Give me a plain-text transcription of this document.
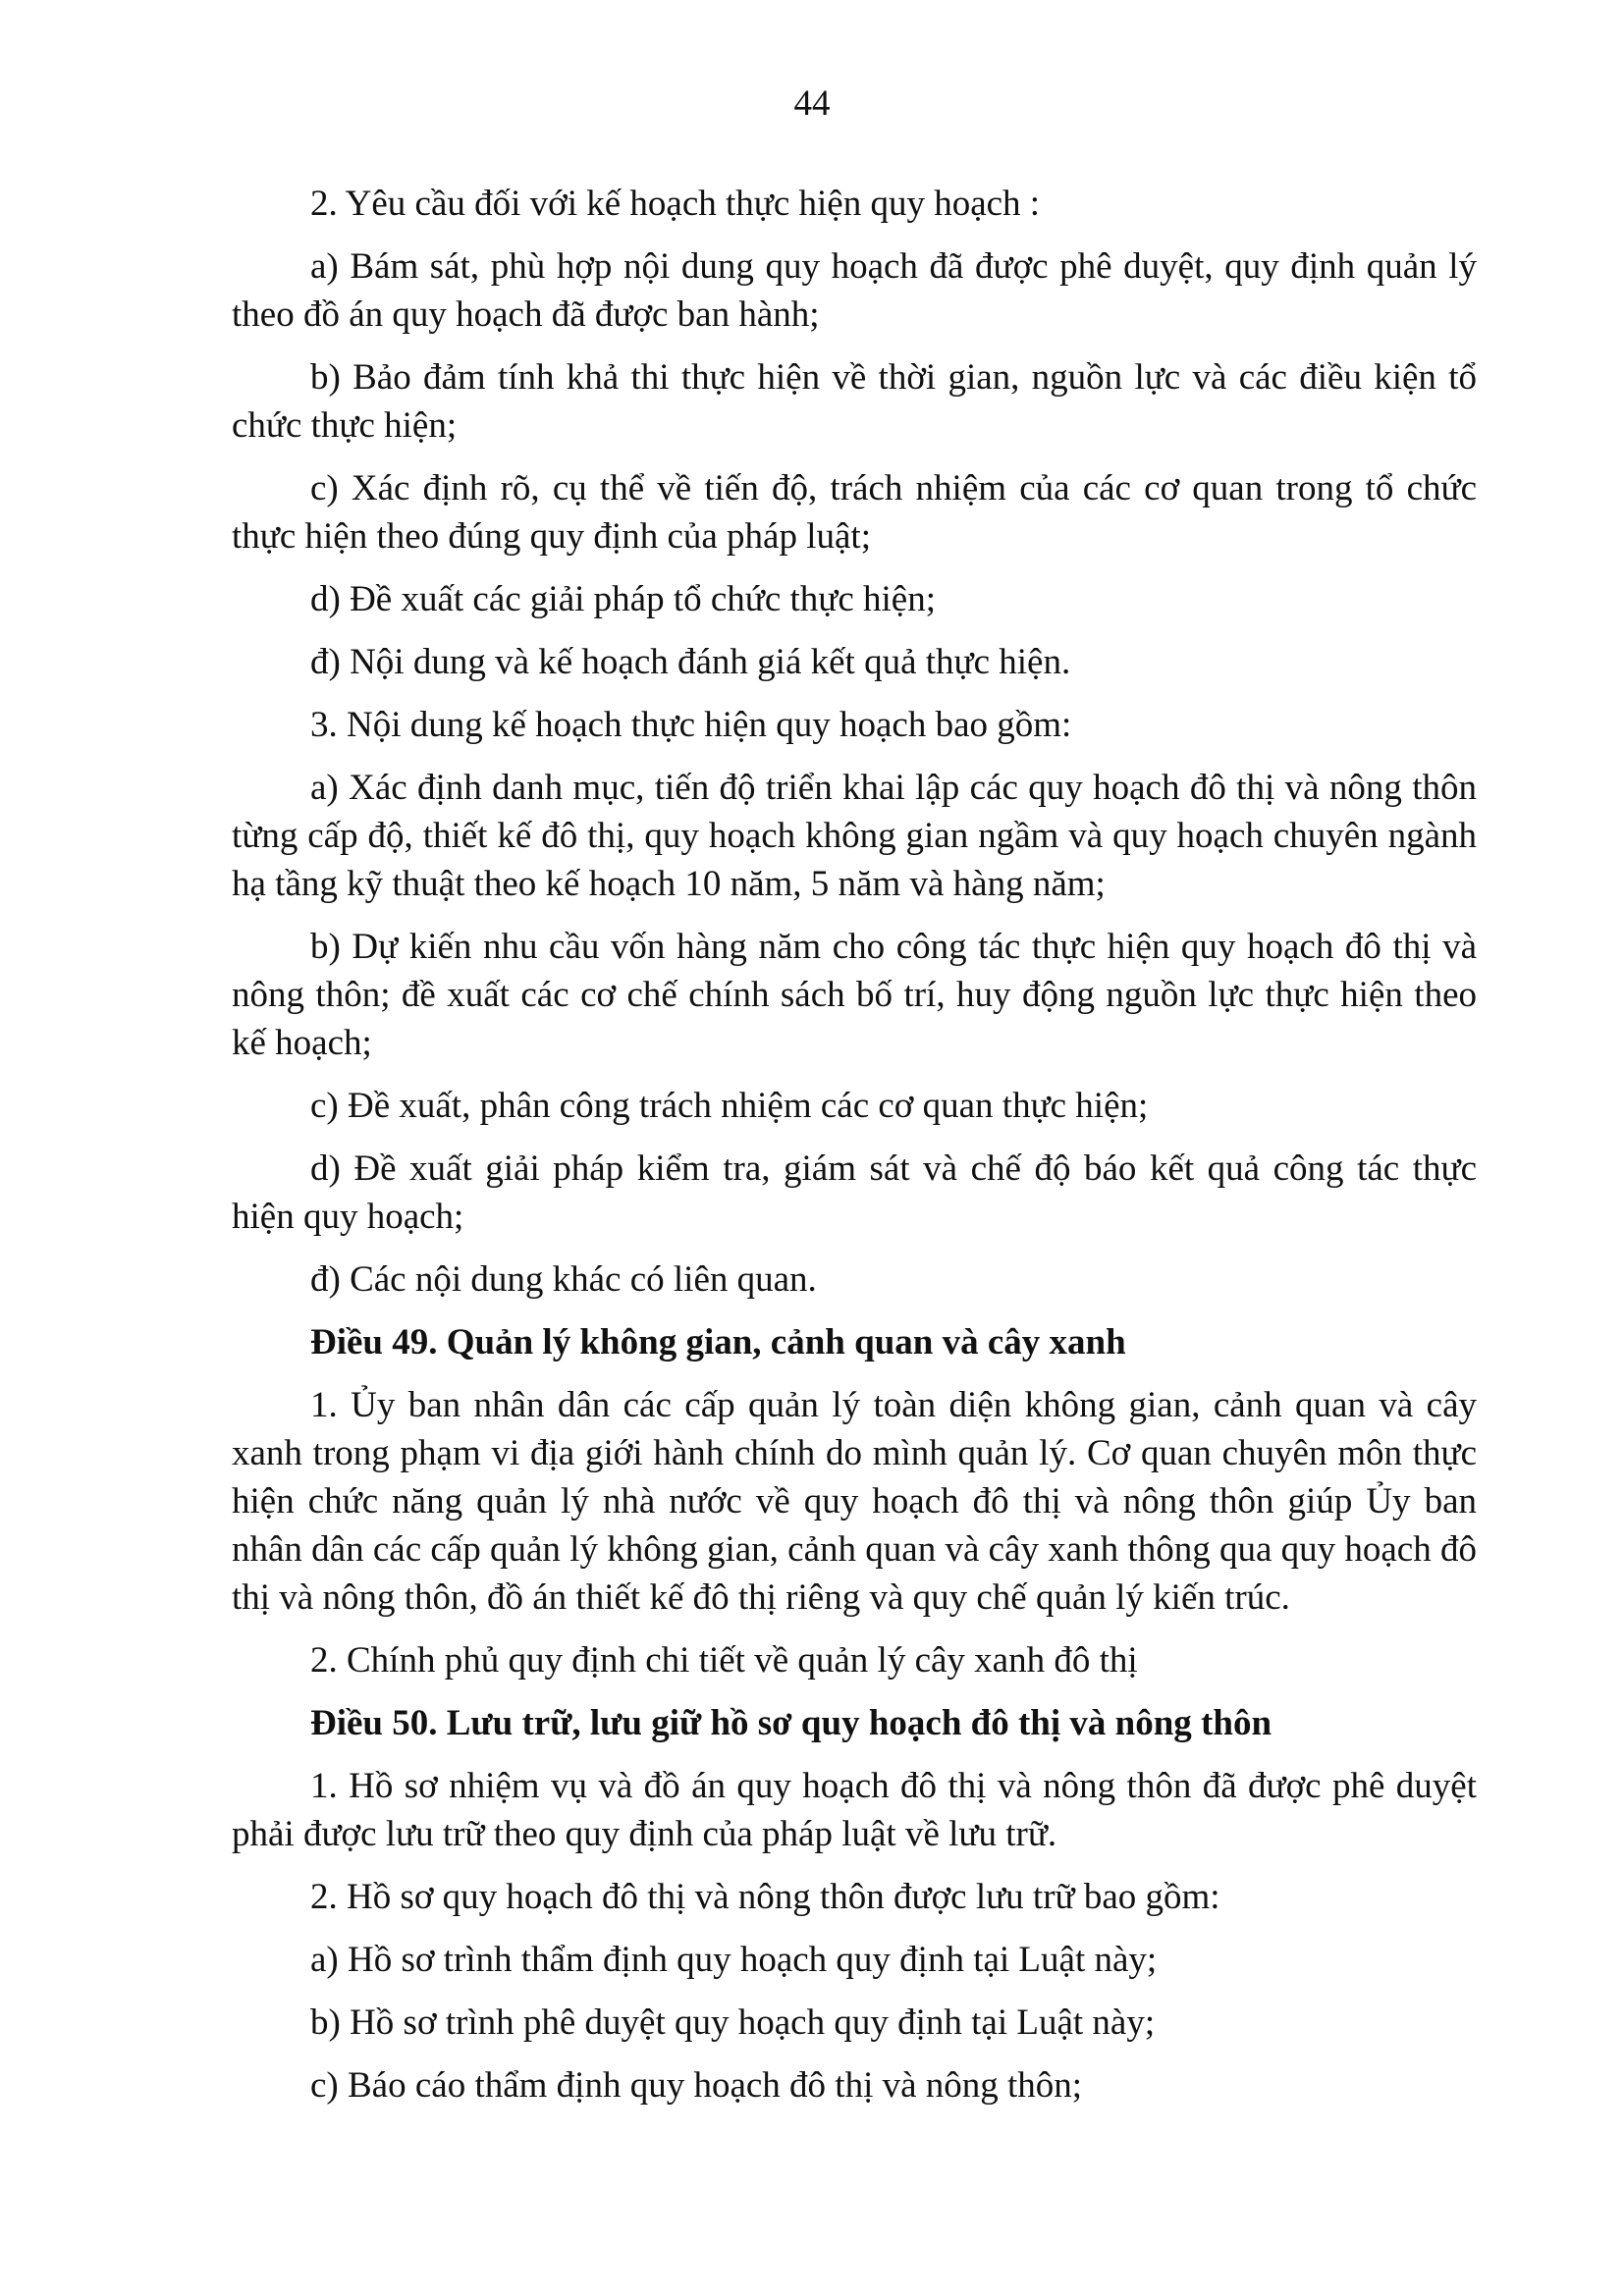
44

2. Yêu cầu đối với kế hoạch thực hiện quy hoạch :

a) Bám sát, phù hợp nội dung quy hoạch đã được phê duyệt, quy định quản lý theo đồ án quy hoạch đã được ban hành;

b) Bảo đảm tính khả thi thực hiện về thời gian, nguồn lực và các điều kiện tổ chức thực hiện;

c) Xác định rõ, cụ thể về tiến độ, trách nhiệm của các cơ quan trong tổ chức thực hiện theo đúng quy định của pháp luật;

d) Đề xuất các giải pháp tổ chức thực hiện;

đ) Nội dung và kế hoạch đánh giá kết quả thực hiện.

3. Nội dung kế hoạch thực hiện quy hoạch bao gồm:

a) Xác định danh mục, tiến độ triển khai lập các quy hoạch đô thị và nông thôn từng cấp độ, thiết kế đô thị, quy hoạch không gian ngầm và quy hoạch chuyên ngành hạ tầng kỹ thuật theo kế hoạch 10 năm, 5 năm và hàng năm;

b) Dự kiến nhu cầu vốn hàng năm cho công tác thực hiện quy hoạch đô thị và nông thôn; đề xuất các cơ chế chính sách bố trí, huy động nguồn lực thực hiện theo kế hoạch;

c) Đề xuất, phân công trách nhiệm các cơ quan thực hiện;

d) Đề xuất giải pháp kiểm tra, giám sát và chế độ báo kết quả công tác thực hiện quy hoạch;

đ) Các nội dung khác có liên quan.

Điều 49. Quản lý không gian, cảnh quan và cây xanh

1. Ủy ban nhân dân các cấp quản lý toàn diện không gian, cảnh quan và cây xanh trong phạm vi địa giới hành chính do mình quản lý. Cơ quan chuyên môn thực hiện chức năng quản lý nhà nước về quy hoạch đô thị và nông thôn giúp Ủy ban nhân dân các cấp quản lý không gian, cảnh quan và cây xanh thông qua quy hoạch đô thị và nông thôn, đồ án thiết kế đô thị riêng và quy chế quản lý kiến trúc.

2. Chính phủ quy định chi tiết về quản lý cây xanh đô thị

Điều 50. Lưu trữ, lưu giữ hồ sơ quy hoạch đô thị và nông thôn

1. Hồ sơ nhiệm vụ và đồ án quy hoạch đô thị và nông thôn đã được phê duyệt phải được lưu trữ theo quy định của pháp luật về lưu trữ.

2. Hồ sơ quy hoạch đô thị và nông thôn được lưu trữ bao gồm:

a) Hồ sơ trình thẩm định quy hoạch quy định tại Luật này;

b) Hồ sơ trình phê duyệt quy hoạch quy định tại Luật này;

c) Báo cáo thẩm định quy hoạch đô thị và nông thôn;
